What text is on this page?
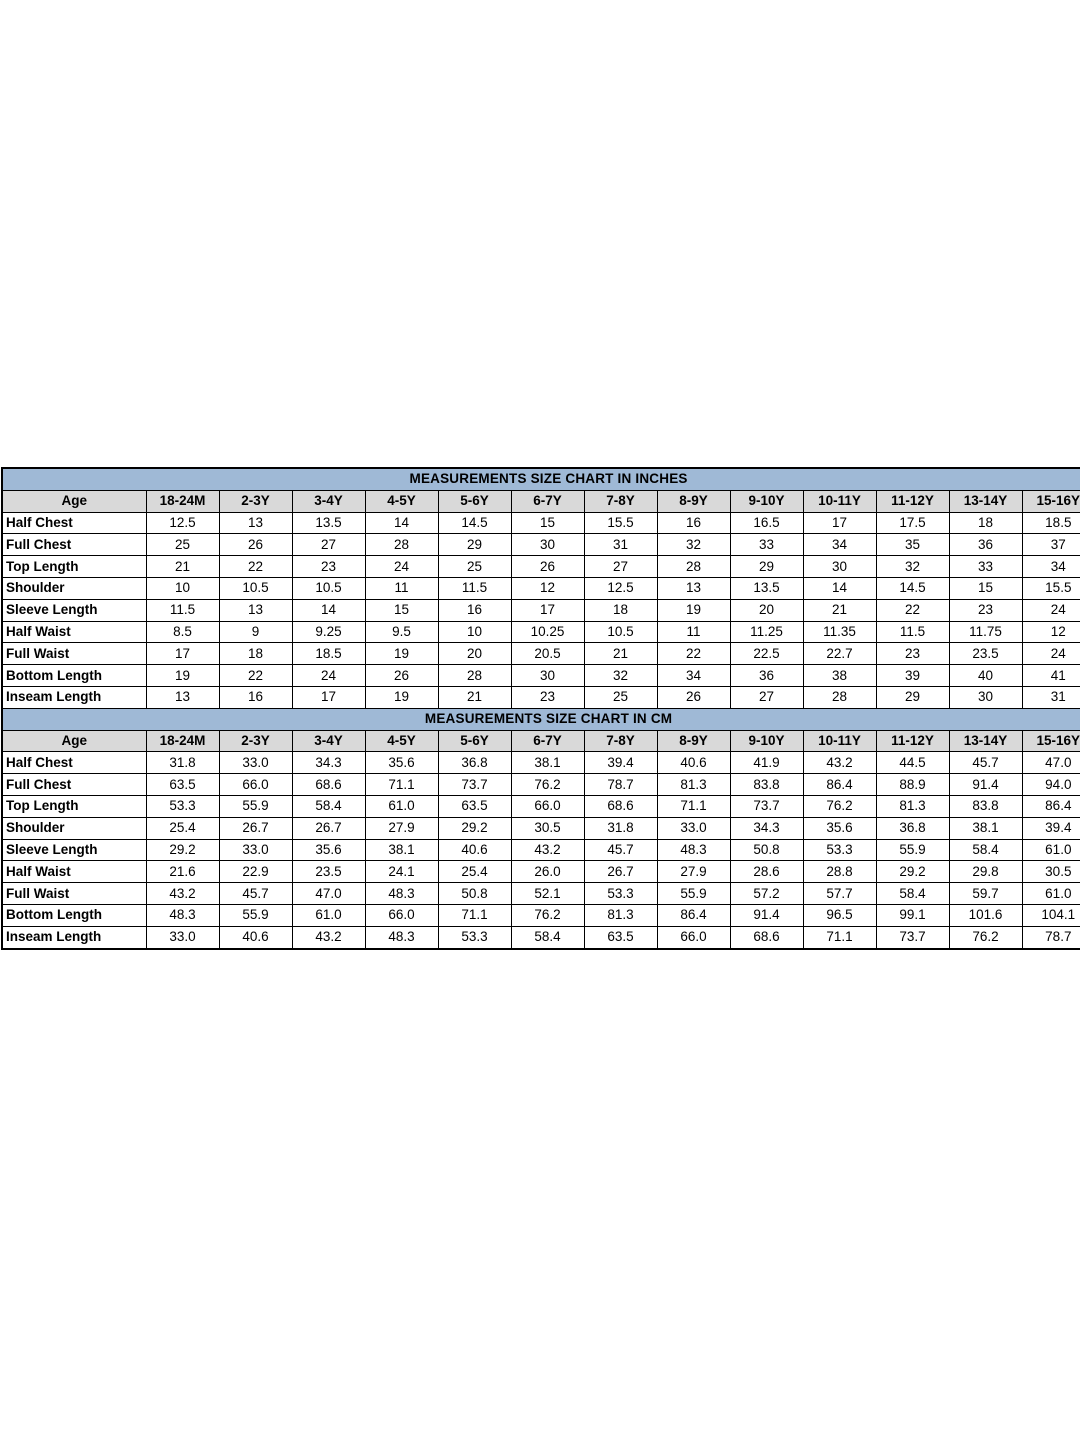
MEASUREMENTS SIZE CHART IN INCHES													
Age	18-24M	2-3Y	3-4Y	4-5Y	5-6Y	6-7Y	7-8Y	8-9Y	9-10Y	10-11Y	11-12Y	13-14Y	15-16Y
Half Chest	12.5	13	13.5	14	14.5	15	15.5	16	16.5	17	17.5	18	18.5
Full Chest	25	26	27	28	29	30	31	32	33	34	35	36	37
Top Length	21	22	23	24	25	26	27	28	29	30	32	33	34
Shoulder	10	10.5	10.5	11	11.5	12	12.5	13	13.5	14	14.5	15	15.5
Sleeve Length	11.5	13	14	15	16	17	18	19	20	21	22	23	24
Half Waist	8.5	9	9.25	9.5	10	10.25	10.5	11	11.25	11.35	11.5	11.75	12
Full Waist	17	18	18.5	19	20	20.5	21	22	22.5	22.7	23	23.5	24
Bottom Length	19	22	24	26	28	30	32	34	36	38	39	40	41
Inseam Length	13	16	17	19	21	23	25	26	27	28	29	30	31
MEASUREMENTS SIZE CHART IN CM													
Age	18-24M	2-3Y	3-4Y	4-5Y	5-6Y	6-7Y	7-8Y	8-9Y	9-10Y	10-11Y	11-12Y	13-14Y	15-16Y
Half Chest	31.8	33.0	34.3	35.6	36.8	38.1	39.4	40.6	41.9	43.2	44.5	45.7	47.0
Full Chest	63.5	66.0	68.6	71.1	73.7	76.2	78.7	81.3	83.8	86.4	88.9	91.4	94.0
Top Length	53.3	55.9	58.4	61.0	63.5	66.0	68.6	71.1	73.7	76.2	81.3	83.8	86.4
Shoulder	25.4	26.7	26.7	27.9	29.2	30.5	31.8	33.0	34.3	35.6	36.8	38.1	39.4
Sleeve Length	29.2	33.0	35.6	38.1	40.6	43.2	45.7	48.3	50.8	53.3	55.9	58.4	61.0
Half Waist	21.6	22.9	23.5	24.1	25.4	26.0	26.7	27.9	28.6	28.8	29.2	29.8	30.5
Full Waist	43.2	45.7	47.0	48.3	50.8	52.1	53.3	55.9	57.2	57.7	58.4	59.7	61.0
Bottom Length	48.3	55.9	61.0	66.0	71.1	76.2	81.3	86.4	91.4	96.5	99.1	101.6	104.1
Inseam Length	33.0	40.6	43.2	48.3	53.3	58.4	63.5	66.0	68.6	71.1	73.7	76.2	78.7
